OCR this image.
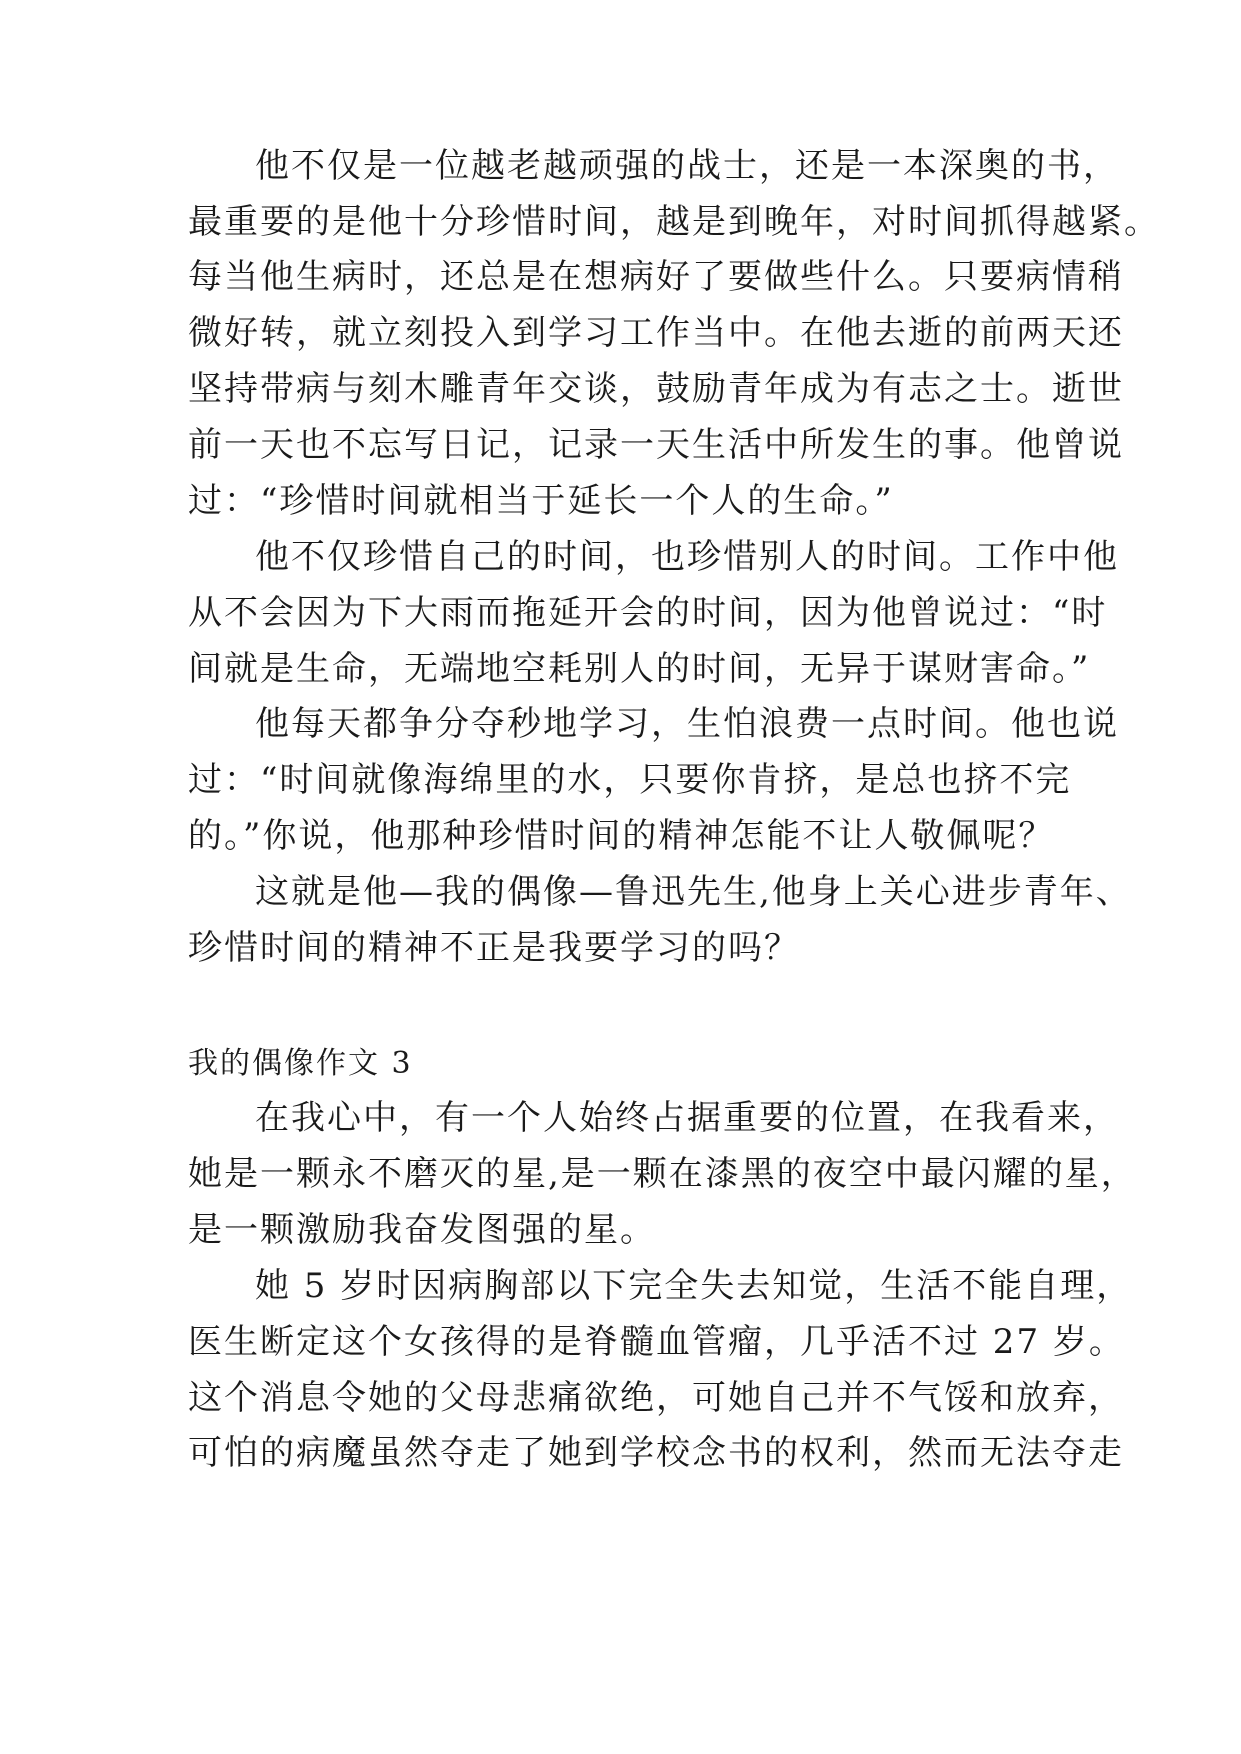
他不仅是一位越老越顽强的战士，还是一本深奥的书，
最重要的是他十分珍惜时间，越是到晚年，对时间抓得越紧。
每当他生病时，还总是在想病好了要做些什么。只要病情稍
微好转，就立刻投入到学习工作当中。在他去逝的前两天还
坚持带病与刻木雕青年交谈，鼓励青年成为有志之士。逝世
前一天也不忘写日记，记录一天生活中所发生的事。他曾说
过：“珍惜时间就相当于延长一个人的生命。”
他不仅珍惜自己的时间，也珍惜别人的时间。工作中他
从不会因为下大雨而拖延开会的时间，因为他曾说过：“时
间就是生命，无端地空耗别人的时间，无异于谋财害命。”
他每天都争分夺秒地学习，生怕浪费一点时间。他也说
过：“时间就像海绵里的水，只要你肯挤，是总也挤不完
的。”你说，他那种珍惜时间的精神怎能不让人敬佩呢？
这就是他—我的偶像—鲁迅先生,他身上关心进步青年、
珍惜时间的精神不正是我要学习的吗？
我的偶像作文 3
在我心中，有一个人始终占据重要的位置，在我看来，
她是一颗永不磨灭的星,是一颗在漆黑的夜空中最闪耀的星，
是一颗激励我奋发图强的星。
她 5 岁时因病胸部以下完全失去知觉，生活不能自理，
医生断定这个女孩得的是脊髓血管瘤，几乎活不过 27 岁。
这个消息令她的父母悲痛欲绝，可她自己并不气馁和放弃，
可怕的病魔虽然夺走了她到学校念书的权利，然而无法夺走
